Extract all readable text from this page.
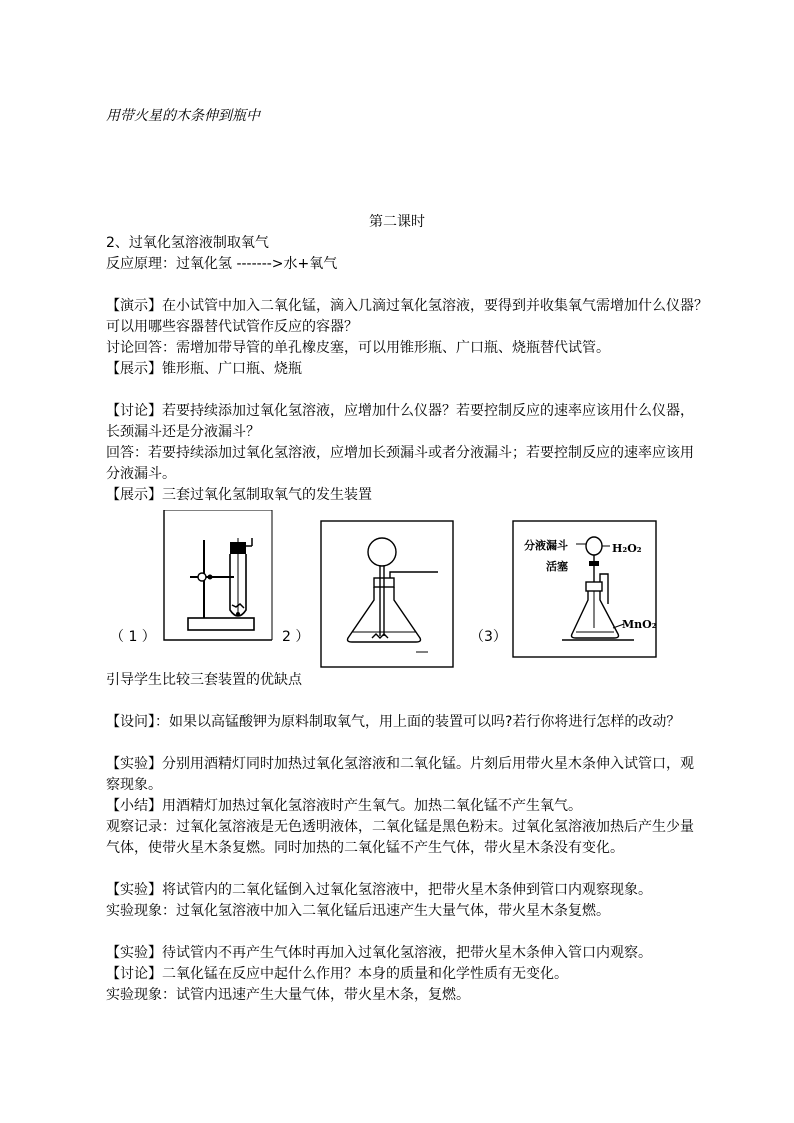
用带火星的木条伸到瓶中
第二课时
2、过氧化氢溶液制取氧气
反应原理：过氧化氢 ------->水+氧气
【演示】在小试管中加入二氧化锰，滴入几滴过氧化氢溶液，要得到并收集氧气需增加什么仪器？
可以用哪些容器替代试管作反应的容器？
讨论回答：需增加带导管的单孔橡皮塞，可以用锥形瓶、广口瓶、烧瓶替代试管。
【展示】锥形瓶、广口瓶、烧瓶
【讨论】若要持续添加过氧化氢溶液，应增加什么仪器？若要控制反应的速率应该用什么仪器，
长颈漏斗还是分液漏斗？
回答：若要持续添加过氧化氢溶液，应增加长颈漏斗或者分液漏斗；若要控制反应的速率应该用
分液漏斗。
【展示】三套过氧化氢制取氧气的发生装置
（ 1 ）	2 ）	（3）
分液漏斗	H₂O₂
活塞
MnO₂
引导学生比较三套装置的优缺点
【设问】：如果以高锰酸钾为原料制取氧气，用上面的装置可以吗?若行你将进行怎样的改动？
【实验】分别用酒精灯同时加热过氧化氢溶液和二氧化锰。片刻后用带火星木条伸入试管口，观
察现象。
【小结】用酒精灯加热过氧化氢溶液时产生氧气。加热二氧化锰不产生氧气。
观察记录：过氧化氢溶液是无色透明液体，二氧化锰是黑色粉末。过氧化氢溶液加热后产生少量
气体，使带火星木条复燃。同时加热的二氧化锰不产生气体，带火星木条没有变化。
【实验】将试管内的二氧化锰倒入过氧化氢溶液中，把带火星木条伸到管口内观察现象。
实验现象：过氧化氢溶液中加入二氧化锰后迅速产生大量气体，带火星木条复燃。
【实验】待试管内不再产生气体时再加入过氧化氢溶液，把带火星木条伸入管口内观察。
【讨论】二氧化锰在反应中起什么作用？本身的质量和化学性质有无变化。
实验现象：试管内迅速产生大量气体，带火星木条，复燃。
